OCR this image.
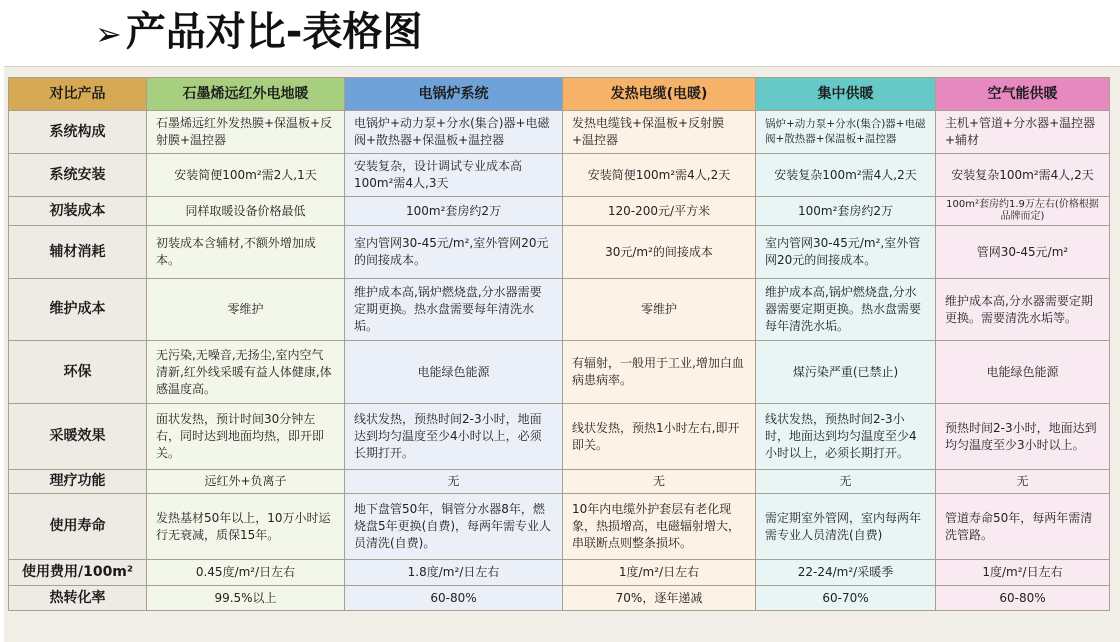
➢ 产品对比-表格图
对比产品	石墨烯远红外电地暖	电锅炉系统	发热电缆(电暖)	集中供暖	空气能供暖
系统构成	石墨烯远红外发热膜+保温板+反射膜+温控器	电锅炉+动力泵+分水(集合)器+电磁阀+散热器+保温板+温控器	发热电缆钱+保温板+反射膜+温控器	锅炉+动力泵+分水(集合)器+电磁阀+散热器+保温板+温控器	主机+管道+分水器+温控器+辅材
系统安装	安装简便100m²需2人,1天	安装复杂，设计调试专业成本高100m²需4人,3天	安装简便100m²需4人,2天	安装复杂100m²需4人,2天	安装复杂100m²需4人,2天
初装成本	同样取暖设备价格最低	100m²套房约2万	120-200元/平方米	100m²套房约2万	100m²套房约1.9万左右(价格根据品牌而定)
辅材消耗	初装成本含辅材,不额外增加成本。	室内管网30-45元/m²,室外管网20元的间接成本。	30元/m²的间接成本	室内管网30-45元/m²,室外管网20元的间接成本。	管网30-45元/m²
维护成本	零维护	维护成本高,锅炉燃烧盘,分水器需要定期更换。热水盘需要每年清洗水垢。	零维护	维护成本高,锅炉燃烧盘,分水器需要定期更换。热水盘需要每年清洗水垢。	维护成本高,分水器需要定期更换。需要清洗水垢等。
环保	无污染,无噪音,无扬尘,室内空气清新,红外线采暖有益人体健康,体感温度高。	电能绿色能源	有辐射，一般用于工业,增加白血病患病率。	煤污染严重(已禁止)	电能绿色能源
采暖效果	面状发热，预计时间30分钟左右，同时达到地面均热，即开即关。	线状发热，预热时间2-3小时，地面达到均匀温度至少4小时以上，必须长期打开。	线状发热，预热1小时左右,即开即关。	线状发热，预热时间2-3小时，地面达到均匀温度至少4小时以上，必须长期打开。	预热时间2-3小时，地面达到均匀温度至少3小时以上。
理疗功能	远红外+负离子	无	无	无	无
使用寿命	发热基材50年以上，10万小时运行无衰减，质保15年。	地下盘管50年，铜管分水器8年，燃烧盘5年更换(自费)，每两年需专业人员清洗(自费)。	10年内电缆外护套层有老化现象，热损增高，电磁辐射增大，串联断点则整条损坏。	需定期室外管网，室内每两年需专业人员清洗(自费)	管道寿命50年，每两年需清洗管路。
使用费用/100m²	0.45度/m²/日左右	1.8度/m²/日左右	1度/m²/日左右	22-24/m²/采暖季	1度/m²/日左右
热转化率	99.5%以上	60-80%	70%，逐年递减	60-70%	60-80%
